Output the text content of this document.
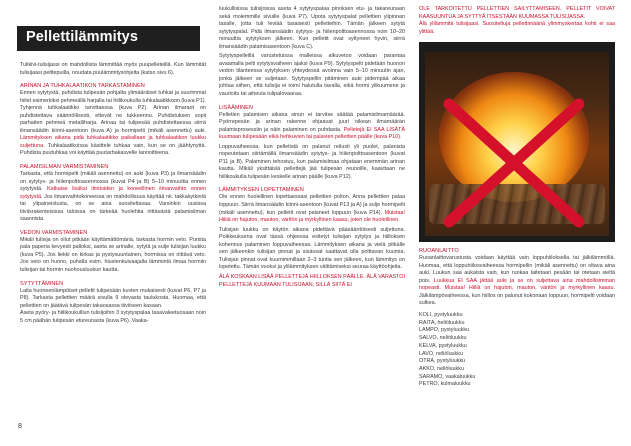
Pellettilämmitys

Tulikivi-tulisijassi on mahdollista lämmittää myös puupelleteillä. Kun lämmität tulisijaasi pelttepuilla, noudata puulämmitysohjeita (katso sivu 6).

ARINAN JA TUHKALAATIKON TARKASTAMINEN

Ennen sytytystä, puhdista tulipesän pohjalta ylimääräiset tuhkat ja suurimmat hiilet esimerkiksi pehmeällä harjalla tai hiilikoukulla tuhkalaatikkoon (kuva P1). Tyhjennä tuhkalaatikko tarvittaessa (kuva P2). Arinan ilmaraot on puhdistettava säännöllisesti, ettevät ne tukkeennu. Puhdistuksen sopii parhaiten pehmeä metalliharja. Arinaa tai tulipesää puhdistettaessa siirrä ilmansäädin kiinni-asentoon (kuva A) ja hormipelti (mikäli asennettu) auki. Lämmityksen aikana pidä tuhkalaatikko paikallaan ja tuhkalaatikon luukku suljettuna. Tuhkalaatikoissa käsittele tuhkaa vain, kun se on jäähtynyttä. Puhdista puutuhkaa voi käyttää puutarhakasvelle lannoitteena.

PALAMISILMAN VARMISTAMINEN

Tarkasta, että hormipelti (mikäli asennettu) on auki (kuva P3) ja ilmansäädin on sytytys- ja hiilenpolttoasennossa (kuvat P4 ja B) 5–10 minuuttia ennen sytytystä. Katkaise lisäksi ilmitoiden ja koneellinen ilmanvaihto ennen sytytystä. Jos ilmanvaihtokoneessa on mahdollisuus käyttää nk. takkakytkintä tai ylipaineistusta, on se aina suositeltavaa. Varsinkin uusissa tiiviisrakenteisissa taloissa on tärkeää huolehtia riittävästä palamisilman saannista.

VEDON VARMISTAMINEN

Mikäli tulisija on ollut pitkään käyttämättömänä, tarkasta hormin veto. Purista pala paperia kevyesti palloksi, aseta se arinalle, sytytä ja sulje tulisijan luukku (kuva P5). Jos liekki on kirkas ja pystysuuntainen, hormissa on riittävä veto. Jos veto on huono, puhalla esim. hiustenkuivaajalla lämmintä ilmaa hormiin tulisijan tai hormin nuohousluukun kautta.

SYTYTTÄMINEN

Laita huoneenlämpöiset pelletit tulipesään kuvien mukaisesti (kuvat P6, P7 ja P8). Tarkasta pellettien määrä sivulla 9 olevasta taulukosta. Huomaa, että pellettien on jäätävä tulipesän takaosassa tiiviiseen kasaan.

Aseta pyöry- ja hiilikoukulliun tulisijoihin 3 sytytyspalaa tasavaleetuosaan noin 5 cm päähän tulipesän etureunasta (kuva P6). Vaaka-

luukullisissa tulisijoissa aseta 4 sytytyspalaa pinoksen etu- ja takareunaan sekä molemmille sivuille (kuva P7). Upota sytytyspalat pellettien ylipinnan tasalle, jotta tuli leviää tasaisesti pelletteihin. Tämän jälkeen sytytä sytytyspalat. Pidä ilmansäädin sytytys- ja hiilenpolttoasennossa noin 10–20 minuuttia sytytyksen jälkeen. Kun pelletit ovat syttyneet hyvin, siirrä ilmansäädin palamisasentoon (kuva C).

Sytytyspelleillä varustetuissa malleissa alkuvetoo voidaan parantaa avaamalla pelti sytytysvaiheen ajaksi (kuva P9). Sytytyspelti pidetään huonon vedon tilanteessa sytytyksen yhteydessä avoinna vain 5–10 minuutin ajan, jonka jälkeen se suljetaan. Sytytyspellin pitäminen auki pidempää aikaa johtaa siihen, että tulisija ei toimi halutulla tavalla, eikä hormi ylikuumene ja vaurioitu tai aiheuta tulipalovaaraa.

LISÄÄMINEN

Pelletien palamisen aikana sinun ei tarvitse säätää palamisilmamäärää. Pyörrepesän ja arinan rakenne ohjaavat juuri oikean ilmamäärän palamisprosessiin ja näin palaminen on puhdasta. Pelletejä EI SAA LISÄTÄ kuumaan tulipesään eikä hehkuvien tai palavien pellettien päälle (kuva P10).

Loppuvaiheessa, kun pelletistä on palanut reilusti yli puolet, palanista nopeutetaan siirtämällä ilmansäädin sytytys- ja hiilenpolttoasentoon (kuvat P11 ja B). Palaminen tehostuu, kun palamisilmaa ohjataan enemmän arinan kautta. Mikäli yksittäisiä pellettejä jää tulipesän reunoille, kaavitaan ne hiilikoukulla tulipesän keskelle arinan päälle (kuva P12).

LÄMMITYKSEN LOPETTAMINEN

Ole ennen huolellinen lopettaessasi pellettien polton. Anna pellettien palaa loppuun. Siirrä ilmansäädin kiinni-asentoon (kuvat P13 ja A) ja sulje hormipelti (mikäli asennettu), kun pelletit ovat palaneet loppuun (kuva P14). Muistaa! Hiiliä on hajuton, mauton, väritön ja myrkyllinen kaasu, joten ole huolellinen.

Tulisijan luukku on käytön aikana pidettävä pääsääntöisesti suljettuna. Poikkeuksena ovat tässä ohjeessa esitetyt tulisijan sytytys ja hiilloksen kohennus palaminen loppuvaiheessa. Lämmityksen aikana ja vielä pitkälle sen jälkeenkin tulisijan pinnat ja sisäosat saattavat olla polttavan kuumia. Tulisijan pinnat ovat kuumimmillaan 2–3 tuntia sen jälkeen, kun lämmitys on lopetettu. Tämän vuoksi ja ylilämmityksen välttämiseksi seuraa käyttöohjeita.

ÄLÄ KOSKAAN LISÄÄ PELLETTEJÄ HIILLOKSEN PÄÄLLE. ÄLÄ VARASTOI PELLETTEJÄ KUUMAAN TULISIJAAN, SILLÄ SIITÄ EI

OLE TARKOITETTU PELLETTIEN SÄILYTTÄMISEEN. PELLETIT VOIVAT KAASUUNTUA JA SYTTYÄ ITSESTÄÄN KUUMASSA TULISIJASSA.

Älä ylilämmitä tulisijaasi. Suositeltuja pellettimääriä ylimmyskertaa kohti ei saa ylittää.

RUOANLAITTO

Ruoanlaittovarustusta voidaan käyttää vain loppuhiiloksella tai jälkilämmöllä. Huomaa, että loppuhiilosvaiheessa hormipellin (mikäli asennettu) on oltava aina auki. Luukun saa aukaista vain, kun ruokaa laitetaan pesään tai otetaan sieltä pois. Luukkua EI SAA jättää auki ja se on suljettava aina mahdollisimman nopeasti. Muistaa! Hiiliä on hajuton, mauton, väritön ja myrkyllinen kaasu. Jälkilämpövaiheessa, kun hiillos on palunut kokonaan loppuun, hormipelti voidaan sulkea.

KOLI, pystyluukku
RAITA, heliöluukku
LAMPO, pystyluukku
SALVO, neliöluukku
KELVA, pystyluukku
LAVO, neliöluukku
OTRA, pystyluukku
AKKO, neliöluukku
SARAMO, vaakaluukku
PETRO, kulmaluukku
8
